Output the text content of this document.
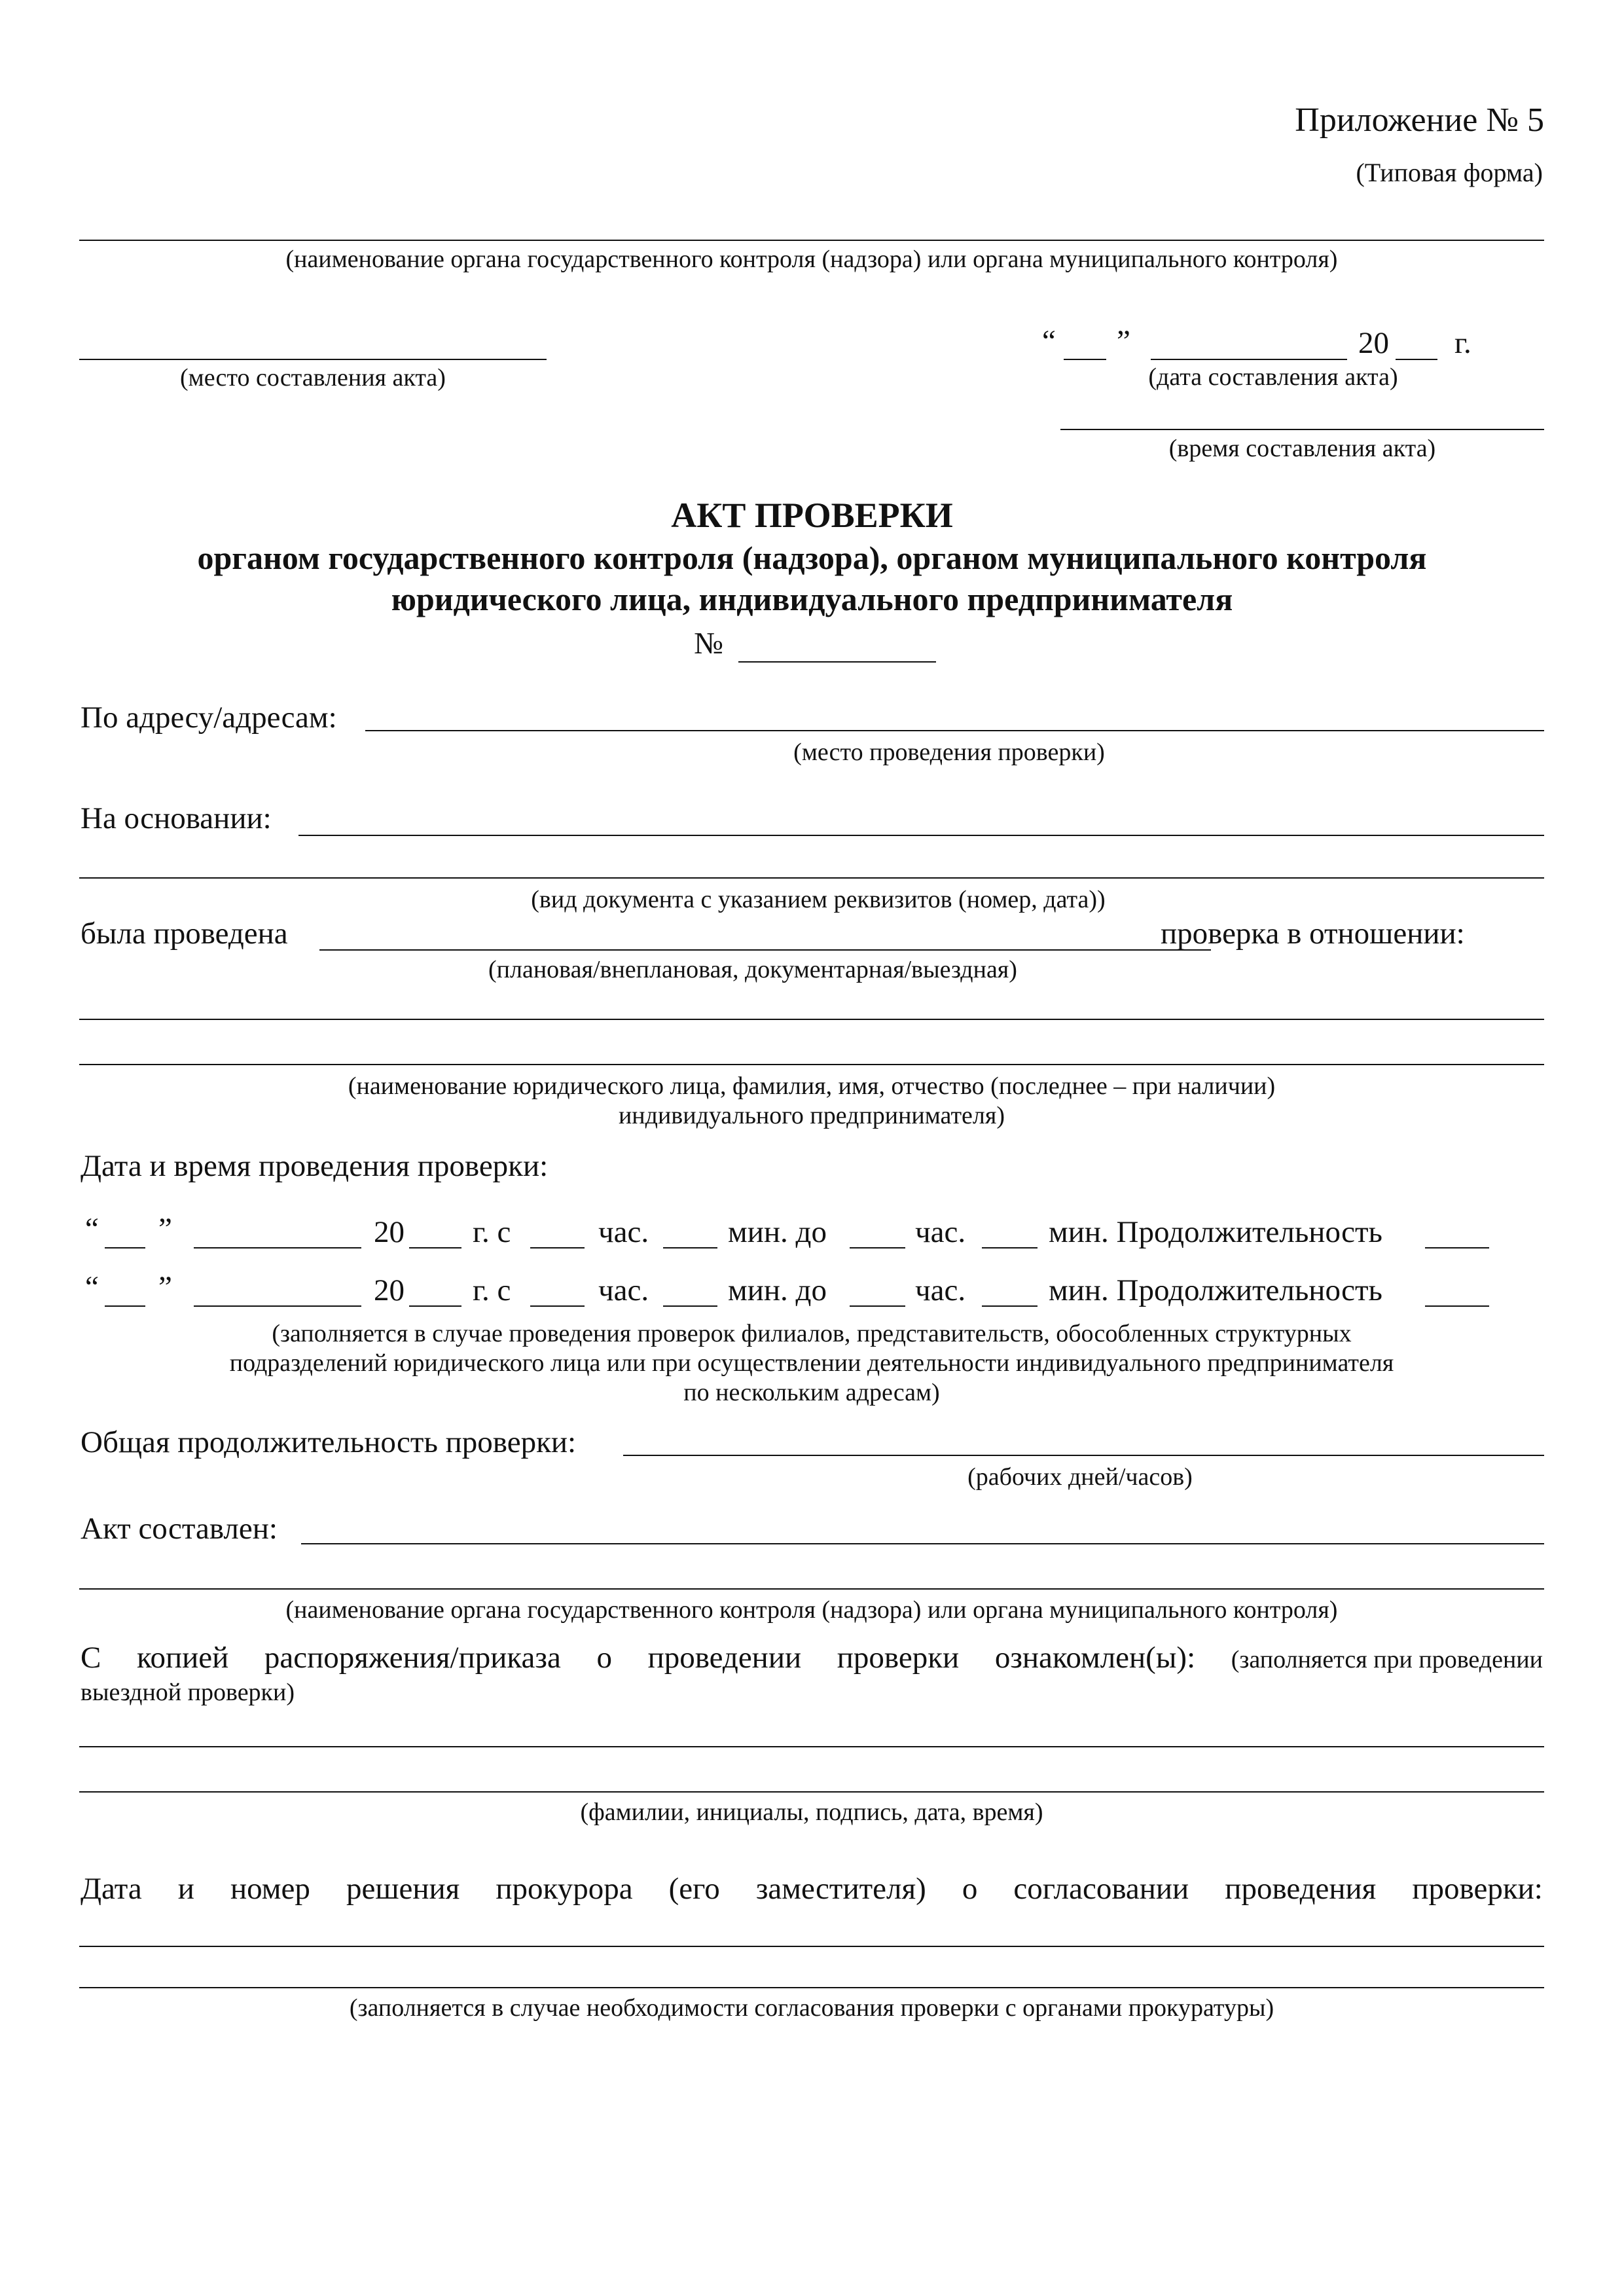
Приложение № 5
(Типовая форма)
(наименование органа государственного контроля (надзора) или органа муниципального контроля)
(место составления акта)
“ ”	20 г.
(дата составления акта)
(время составления акта)
АКТ ПРОВЕРКИ
органом государственного контроля (надзора), органом муниципального контроля
юридического лица, индивидуального предпринимателя
№
По адресу/адресам:
(место проведения проверки)
На основании:
(вид документа с указанием реквизитов (номер, дата))
была проведена	проверка в отношении:
(плановая/внеплановая, документарная/выездная)
(наименование юридического лица, фамилия, имя, отчество (последнее – при наличии)
индивидуального предпринимателя)
Дата и время проведения проверки:
“ ”	20 г. с	час.	мин. до	час.	мин. Продолжительность
“ ”	20 г. с	час.	мин. до	час.	мин. Продолжительность
(заполняется в случае проведения проверок филиалов, представительств, обособленных структурных
подразделений юридического лица или при осуществлении деятельности индивидуального предпринимателя
по нескольким адресам)
Общая продолжительность проверки:
(рабочих дней/часов)
Акт составлен:
(наименование органа государственного контроля (надзора) или органа муниципального контроля)
С копией распоряжения/приказа о проведении проверки ознакомлен(ы): (заполняется при проведении
выездной проверки)
(фамилии, инициалы, подпись, дата, время)
Дата и номер решения прокурора (его заместителя) о согласовании проведения проверки:
(заполняется в случае необходимости согласования проверки с органами прокуратуры)
